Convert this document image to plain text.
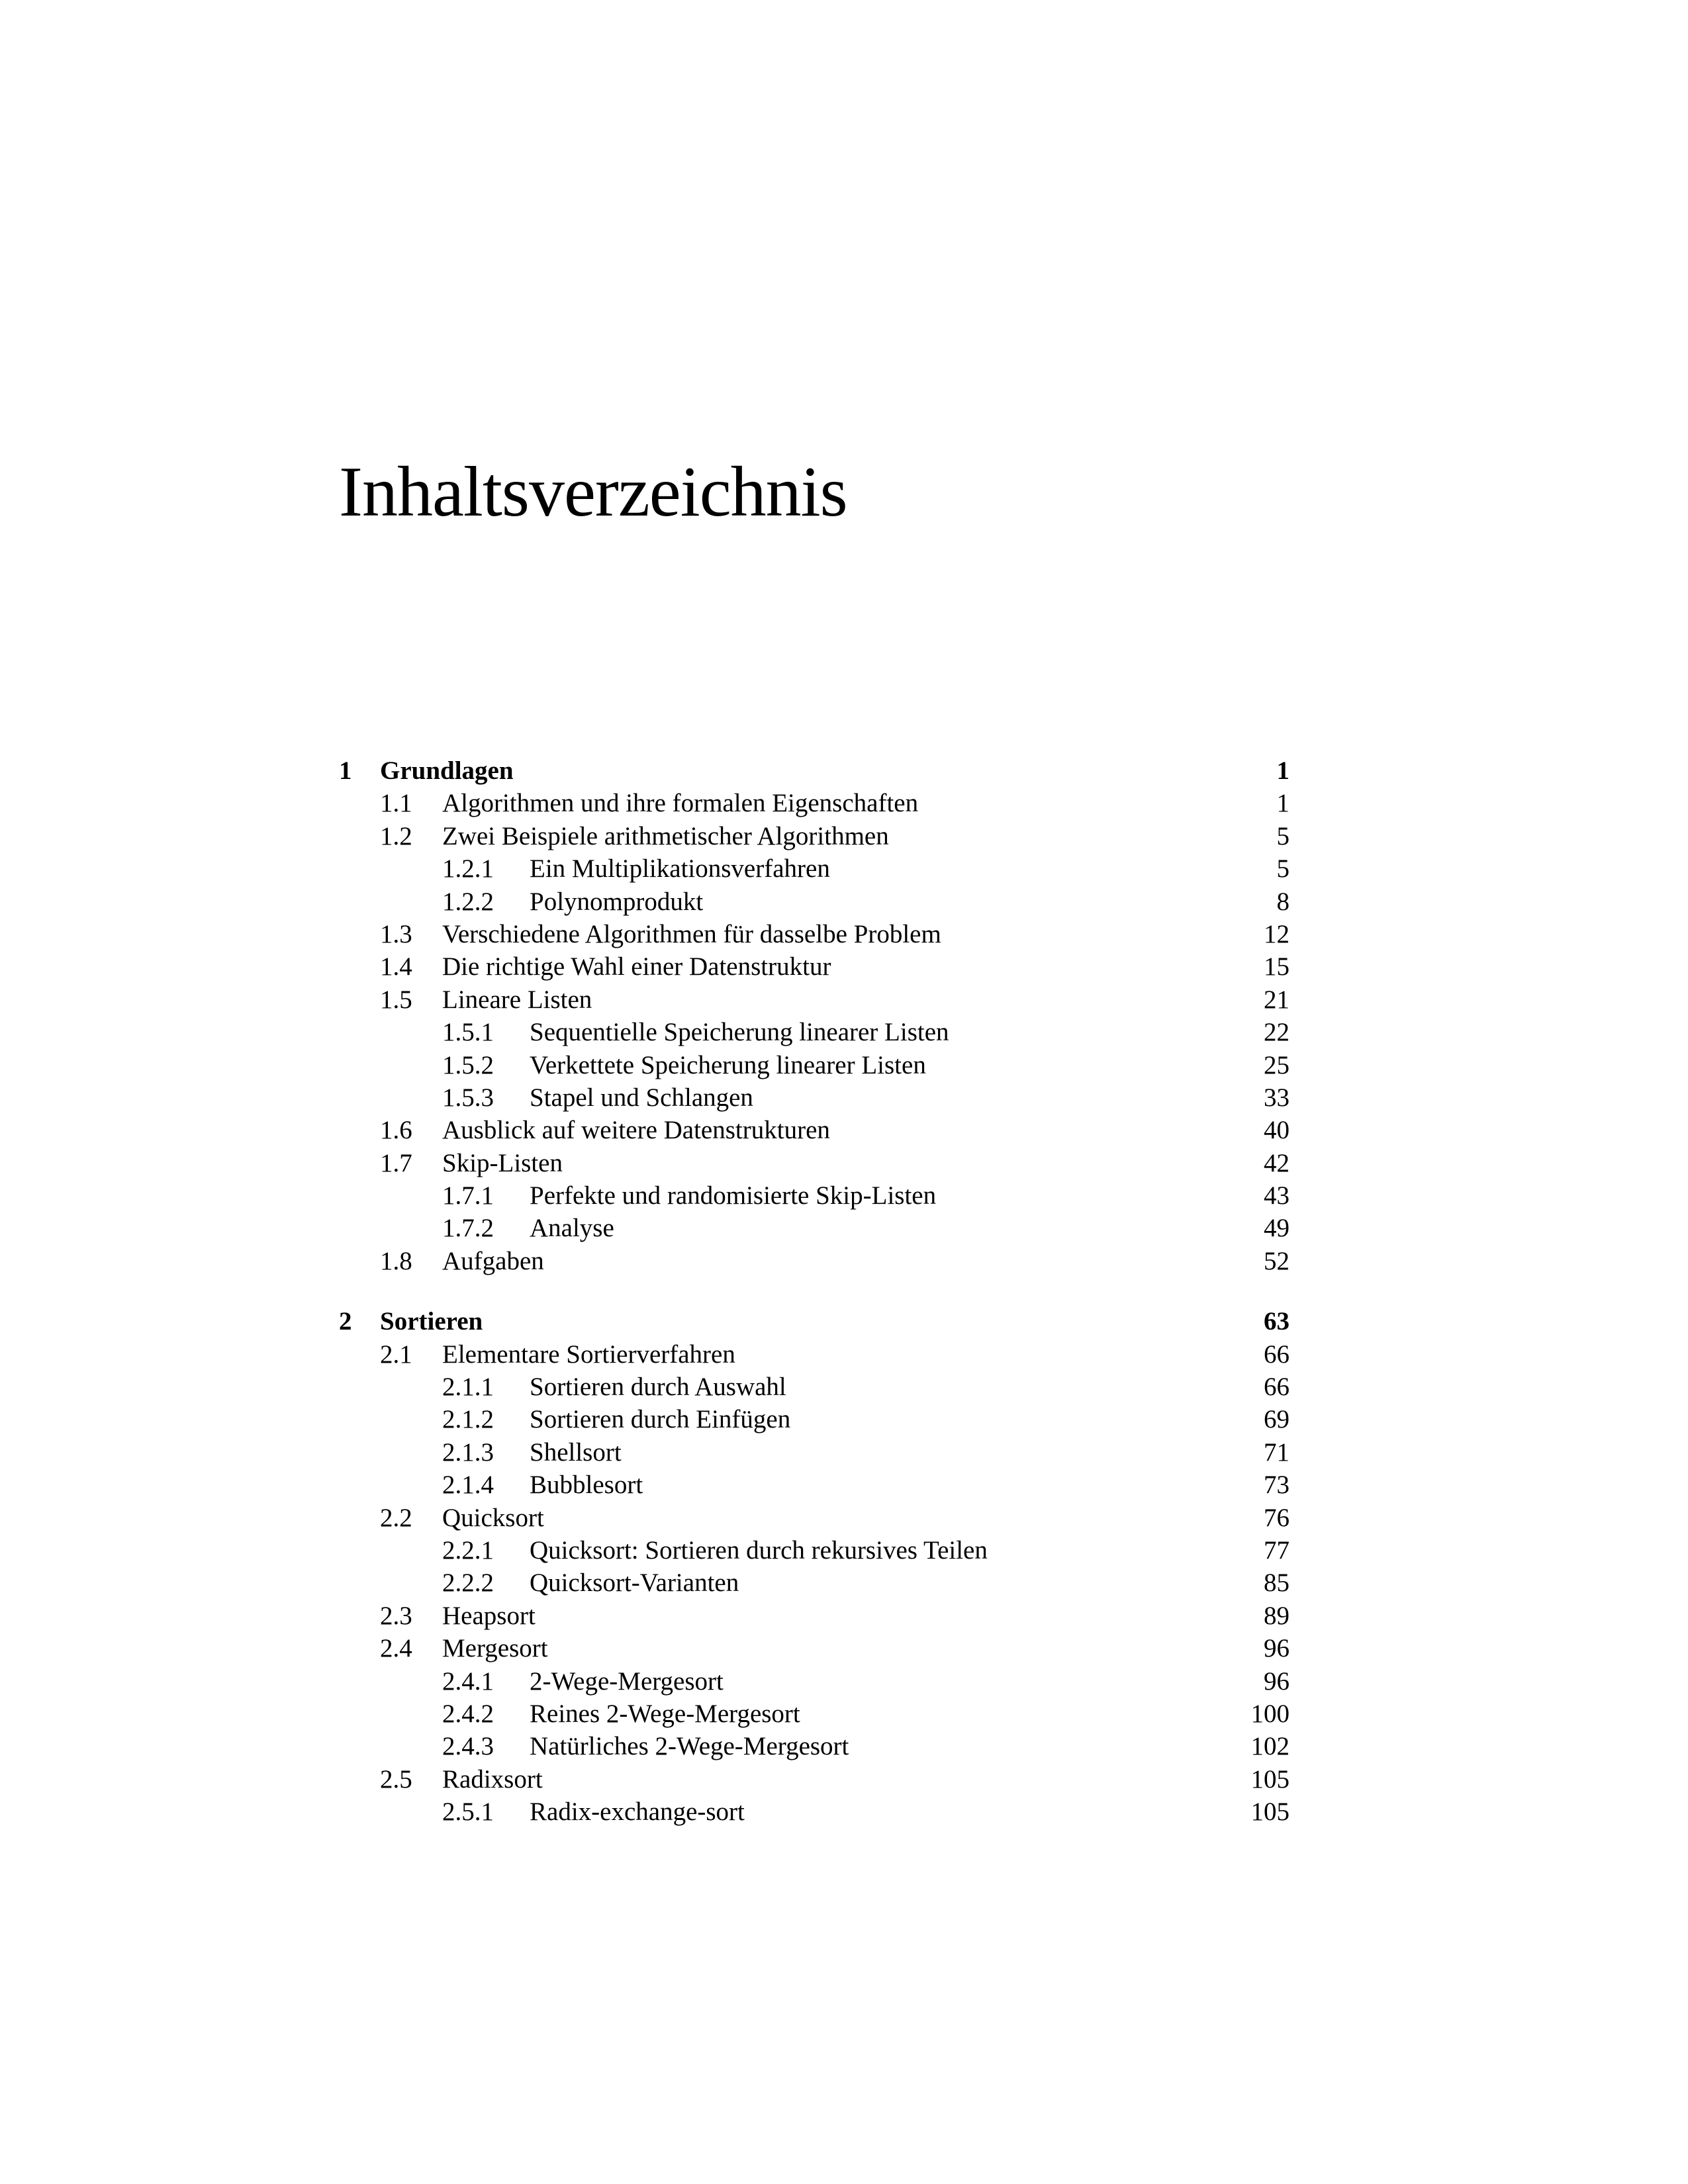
Inhaltsverzeichnis
1 Grundlagen	1
1.1 Algorithmen und ihre formalen Eigenschaften	1
1.2 Zwei Beispiele arithmetischer Algorithmen	5
1.2.1 Ein Multiplikationsverfahren	5
1.2.2 Polynomprodukt	8
1.3 Verschiedene Algorithmen für dasselbe Problem	12
1.4 Die richtige Wahl einer Datenstruktur	15
1.5 Lineare Listen	21
1.5.1 Sequentielle Speicherung linearer Listen	22
1.5.2 Verkettete Speicherung linearer Listen	25
1.5.3 Stapel und Schlangen	33
1.6 Ausblick auf weitere Datenstrukturen	40
1.7 Skip-Listen	42
1.7.1 Perfekte und randomisierte Skip-Listen	43
1.7.2 Analyse	49
1.8 Aufgaben	52
2 Sortieren	63
2.1 Elementare Sortierverfahren	66
2.1.1 Sortieren durch Auswahl	66
2.1.2 Sortieren durch Einfügen	69
2.1.3 Shellsort	71
2.1.4 Bubblesort	73
2.2 Quicksort	76
2.2.1 Quicksort: Sortieren durch rekursives Teilen	77
2.2.2 Quicksort-Varianten	85
2.3 Heapsort	89
2.4 Mergesort	96
2.4.1 2-Wege-Mergesort	96
2.4.2 Reines 2-Wege-Mergesort	100
2.4.3 Natürliches 2-Wege-Mergesort	102
2.5 Radixsort	105
2.5.1 Radix-exchange-sort	105
